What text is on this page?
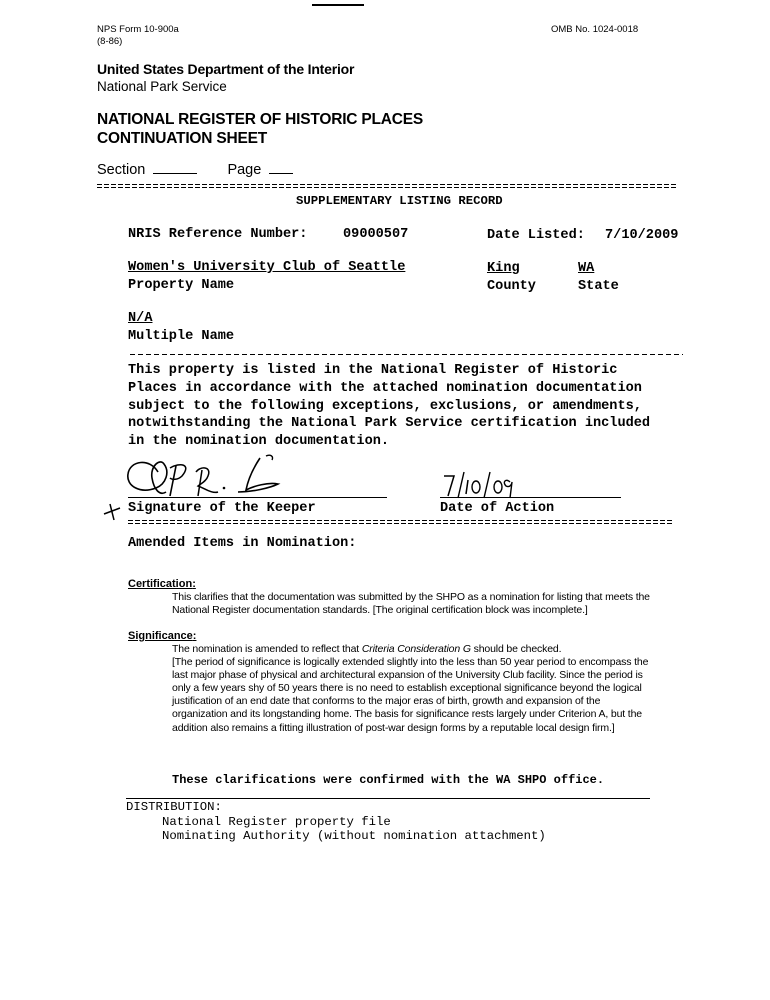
NPS Form 10-900a
(8-86)
OMB No. 1024-0018
United States Department of the Interior
National Park Service
NATIONAL REGISTER OF HISTORIC PLACES
CONTINUATION SHEET
Section	Page
SUPPLEMENTARY LISTING RECORD
NRIS Reference Number:	09000507	Date Listed: 7/10/2009
Women's University Club of Seattle
Property Name
King
County
WA
State
N/A
Multiple Name
This property is listed in the National Register of Historic
Places in accordance with the attached nomination documentation
subject to the following exceptions, exclusions, or amendments,
notwithstanding the National Park Service certification included
in the nomination documentation.
Signature of the Keeper	Date of Action
Amended Items in Nomination:
Certification:
This clarifies that the documentation was submitted by the SHPO as a nomination for listing that meets the
National Register documentation standards. [The original certification block was incomplete.]
Significance:
The nomination is amended to reflect that Criteria Consideration G should be checked.
[The period of significance is logically extended slightly into the less than 50 year period to encompass the
last major phase of physical and architectural expansion of the University Club facility. Since the period is
only a few years shy of 50 years there is no need to establish exceptional significance beyond the logical
justification of an end date that conforms to the major eras of birth, growth and expansion of the
organization and its longstanding home. The basis for significance rests largely under Criterion A, but the
addition also remains a fitting illustration of post-war design forms by a reputable local design firm.]
These clarifications were confirmed with the WA SHPO office.
DISTRIBUTION:
National Register property file
Nominating Authority (without nomination attachment)
